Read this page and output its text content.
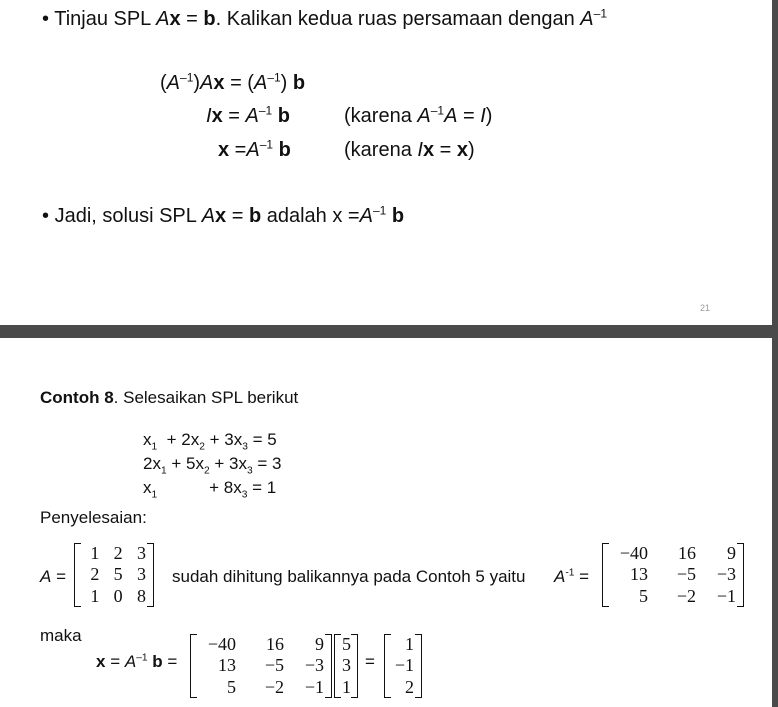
• Tinjau SPL Ax = b. Kalikan kedua ruas persamaan dengan $A^{-1}$
$(A^{-1})Ax = (A^{-1})$ b
$Ix = A^{-1}$ b	(karena $A^{-1}A = I$)
$x =A^{-1}$ b	(karena Ix = x)
• Jadi, solusi SPL Ax = b adalah $x =A^{-1}$ b
21
Contoh 8. Selesaikan SPL berikut
$x_1 + 2x_2 + 3x_3 = 5$
$2x_1 + 5x_2 + 3x_3 = 3$
$x_1$           + $8x_3 = 1$
Penyelesaian:
A =
1 2 3
2 5 3
1 0 8
sudah dihitung balikannya pada Contoh 5 yaitu $A^{-1}$ =
−40	16	9
13	−5	−3
5	−2	−1
maka
$x = A^{-1}$ b =
−40	16	9
13	−5	−3
5	−2	−1
5
3
1
=
1
−1
2
